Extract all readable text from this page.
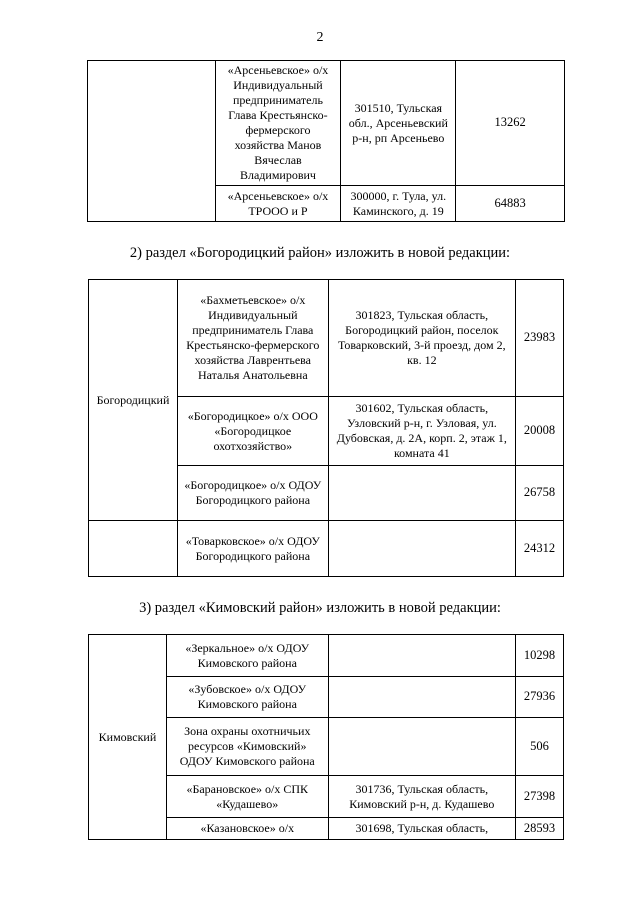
2
	«Арсеньевское» о/х Индивидуальный предприниматель Глава Крестьянско-фермерского хозяйства Манов Вячеслав Владимирович	301510, Тульская обл., Арсеньевский р-н, рп Арсеньево	13262
	«Арсеньевское» о/х ТРООО и Р	300000, г. Тула, ул. Каминского, д. 19	64883
2) раздел «Богородицкий район» изложить в новой редакции:
Богородицкий	«Бахметьевское» о/х Индивидуальный предприниматель Глава Крестьянско-фермерского хозяйства Лаврентьева Наталья Анатольевна	301823, Тульская область, Богородицкий район, поселок Товарковский, 3-й проезд, дом 2, кв. 12	23983
	«Богородицкое» о/х ООО «Богородицкое охотхозяйство»	301602, Тульская область, Узловский р-н, г. Узловая, ул. Дубовская, д. 2А, корп. 2, этаж 1, комната 41	20008
	«Богородицкое» о/х ОДОУ Богородицкого района		26758
	«Товарковское» о/х ОДОУ Богородицкого района		24312
3) раздел «Кимовский район» изложить в новой редакции:
Кимовский	«Зеркальное» о/х ОДОУ Кимовского района		10298
	«Зубовское» о/х ОДОУ Кимовского района		27936
	Зона охраны охотничьих ресурсов «Кимовский» ОДОУ Кимовского района		506
	«Барановское» о/х СПК «Кудашево»	301736, Тульская область, Кимовский р-н, д. Кудашево	27398
	«Казановское» о/х	301698, Тульская область,	28593
